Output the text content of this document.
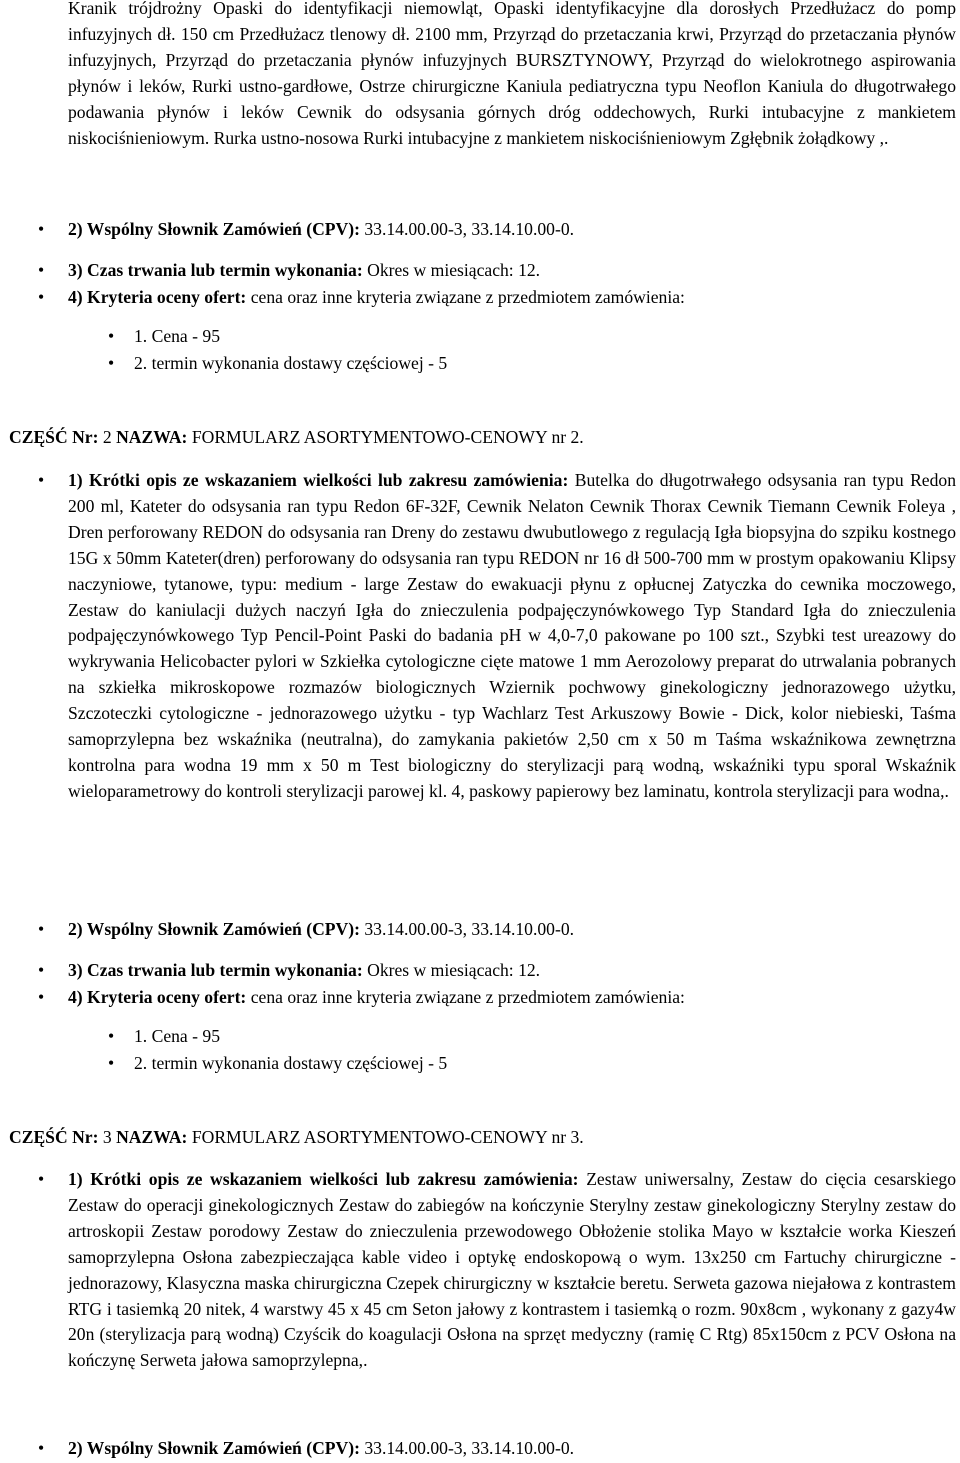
Kranik trójdrożny Opaski do identyfikacji niemowląt, Opaski identyfikacyjne dla dorosłych Przedłużacz do pomp infuzyjnych dł. 150 cm Przedłużacz tlenowy dł. 2100 mm, Przyrząd do przetaczania krwi, Przyrząd do przetaczania płynów infuzyjnych, Przyrząd do przetaczania płynów infuzyjnych BURSZTYNOWY, Przyrząd do wielokrotnego aspirowania płynów i leków, Rurki ustno-gardłowe, Ostrze chirurgiczne Kaniula pediatryczna typu Neoflon Kaniula do długotrwałego podawania płynów i leków Cewnik do odsysania górnych dróg oddechowych, Rurki intubacyjne z mankietem niskociśnieniowym. Rurka ustno-nosowa Rurki intubacyjne z mankietem niskociśnieniowym Zgłębnik żołądkowy ,.
• 2) Wspólny Słownik Zamówień (CPV): 33.14.00.00-3, 33.14.10.00-0.
• 3) Czas trwania lub termin wykonania: Okres w miesiącach: 12.
• 4) Kryteria oceny ofert: cena oraz inne kryteria związane z przedmiotem zamówienia:
• 1. Cena - 95
• 2. termin wykonania dostawy częściowej - 5
CZĘŚĆ Nr: 2 NAZWA: FORMULARZ ASORTYMENTOWO-CENOWY nr 2.
• 1) Krótki opis ze wskazaniem wielkości lub zakresu zamówienia: Butelka do długotrwałego odsysania ran typu Redon 200 ml, Kateter do odsysania ran typu Redon 6F-32F, Cewnik Nelaton Cewnik Thorax Cewnik Tiemann Cewnik Foleya , Dren perforowany REDON do odsysania ran Dreny do zestawu dwubutlowego z regulacją Igła biopsyjna do szpiku kostnego 15G x 50mm Kateter(dren) perforowany do odsysania ran typu REDON nr 16 dł 500-700 mm w prostym opakowaniu Klipsy naczyniowe, tytanowe, typu: medium - large Zestaw do ewakuacji płynu z opłucnej Zatyczka do cewnika moczowego, Zestaw do kaniulacji dużych naczyń Igła do znieczulenia podpajęczynówkowego Typ Standard Igła do znieczulenia podpajęczynówkowego Typ Pencil-Point Paski do badania pH w 4,0-7,0 pakowane po 100 szt., Szybki test ureazowy do wykrywania Helicobacter pylori w Szkiełka cytologiczne cięte matowe 1 mm Aerozolowy preparat do utrwalania pobranych na szkiełka mikroskopowe rozmazów biologicznych Wziernik pochwowy ginekologiczny jednorazowego użytku, Szczoteczki cytologiczne - jednorazowego użytku - typ Wachlarz Test Arkuszowy Bowie - Dick, kolor niebieski, Taśma samoprzylepna bez wskaźnika (neutralna), do zamykania pakietów 2,50 cm x 50 m Taśma wskaźnikowa zewnętrzna kontrolna para wodna 19 mm x 50 m Test biologiczny do sterylizacji parą wodną, wskaźniki typu sporal Wskaźnik wieloparametrowy do kontroli sterylizacji parowej kl. 4, paskowy papierowy bez laminatu, kontrola sterylizacji para wodna,.
• 2) Wspólny Słownik Zamówień (CPV): 33.14.00.00-3, 33.14.10.00-0.
• 3) Czas trwania lub termin wykonania: Okres w miesiącach: 12.
• 4) Kryteria oceny ofert: cena oraz inne kryteria związane z przedmiotem zamówienia:
• 1. Cena - 95
• 2. termin wykonania dostawy częściowej - 5
CZĘŚĆ Nr: 3 NAZWA: FORMULARZ ASORTYMENTOWO-CENOWY nr 3.
• 1) Krótki opis ze wskazaniem wielkości lub zakresu zamówienia: Zestaw uniwersalny, Zestaw do cięcia cesarskiego Zestaw do operacji ginekologicznych Zestaw do zabiegów na kończynie Sterylny zestaw ginekologiczny Sterylny zestaw do artroskopii Zestaw porodowy Zestaw do znieczulenia przewodowego Obłożenie stolika Mayo w kształcie worka Kieszeń samoprzylepna Osłona zabezpieczająca kable video i optykę endoskopową o wym. 13x250 cm Fartuchy chirurgiczne - jednorazowy, Klasyczna maska chirurgiczna Czepek chirurgiczny w kształcie beretu. Serweta gazowa niejałowa z kontrastem RTG i tasiemką 20 nitek, 4 warstwy 45 x 45 cm Seton jałowy z kontrastem i tasiemką o rozm. 90x8cm , wykonany z gazy4w 20n (sterylizacja parą wodną) Czyścik do koagulacji Osłona na sprzęt medyczny (ramię C Rtg) 85x150cm z PCV Osłona na kończynę Serweta jałowa samoprzylepna,.
• 2) Wspólny Słownik Zamówień (CPV): 33.14.00.00-3, 33.14.10.00-0.
